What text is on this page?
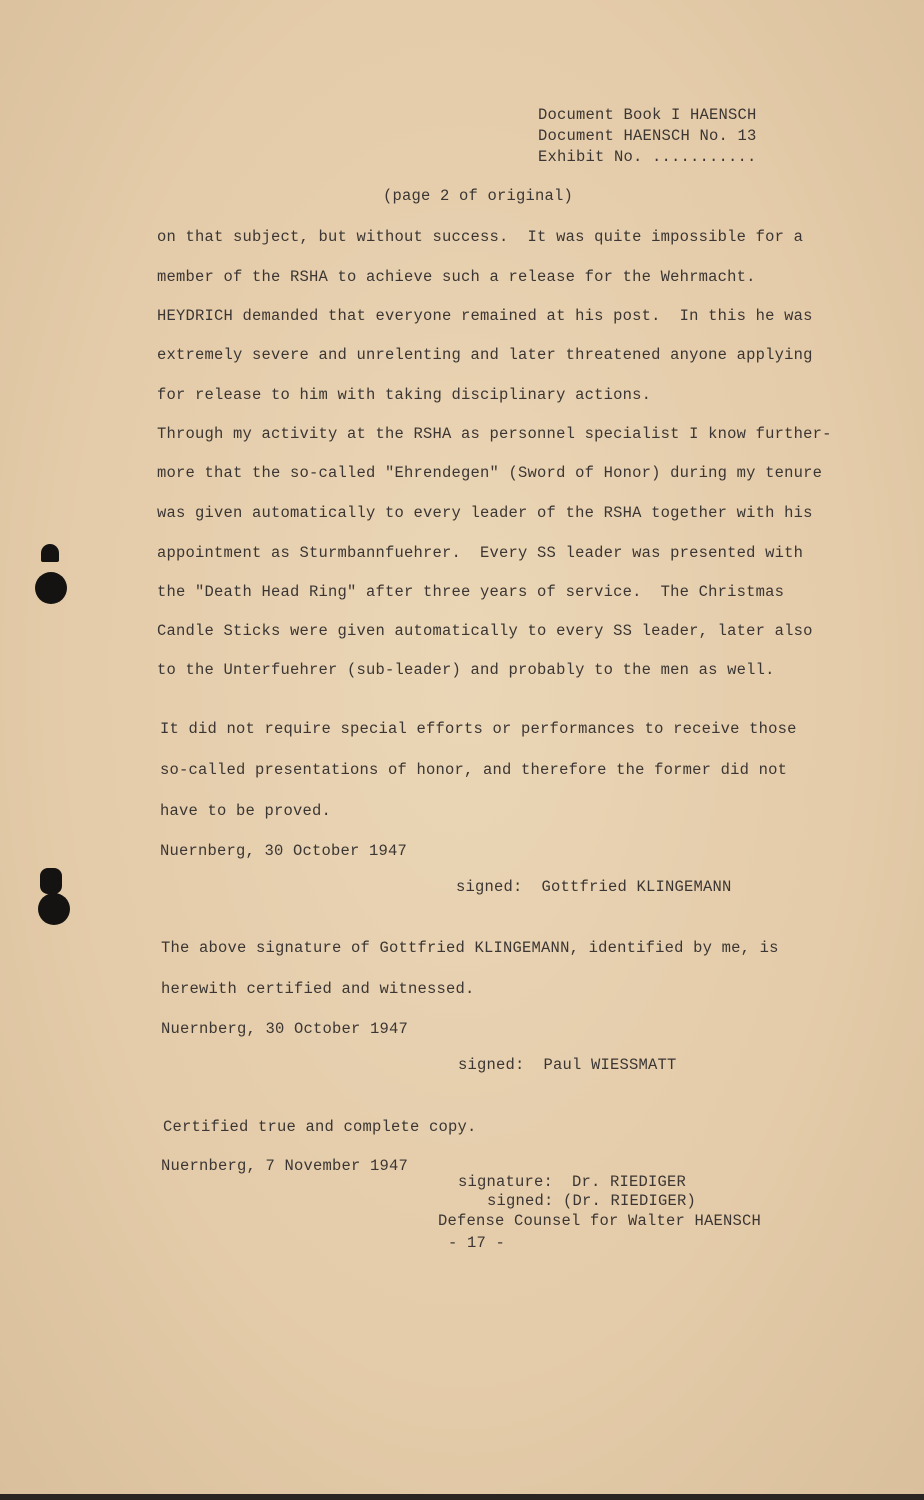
Document Book I HAENSCH
Document HAENSCH No. 13
Exhibit No. ...........
(page 2 of original)
on that subject, but without success.  It was quite impossible for a
member of the RSHA to achieve such a release for the Wehrmacht.
HEYDRICH demanded that everyone remained at his post.  In this he was
extremely severe and unrelenting and later threatened anyone applying
for release to him with taking disciplinary actions.
Through my activity at the RSHA as personnel specialist I know further-
more that the so-called "Ehrendegen" (Sword of Honor) during my tenure
was given automatically to every leader of the RSHA together with his
appointment as Sturmbannfuehrer.  Every SS leader was presented with
the "Death Head Ring" after three years of service.  The Christmas
Candle Sticks were given automatically to every SS leader, later also
to the Unterfuehrer (sub-leader) and probably to the men as well.
It did not require special efforts or performances to receive those
so-called presentations of honor, and therefore the former did not
have to be proved.
Nuernberg, 30 October 1947
signed:  Gottfried KLINGEMANN
The above signature of Gottfried KLINGEMANN, identified by me, is
herewith certified and witnessed.
Nuernberg, 30 October 1947
signed:  Paul WIESSMATT
Certified true and complete copy.
Nuernberg, 7 November 1947
signature:  Dr. RIEDIGER
signed: (Dr. RIEDIGER)
Defense Counsel for Walter HAENSCH
- 17 -
